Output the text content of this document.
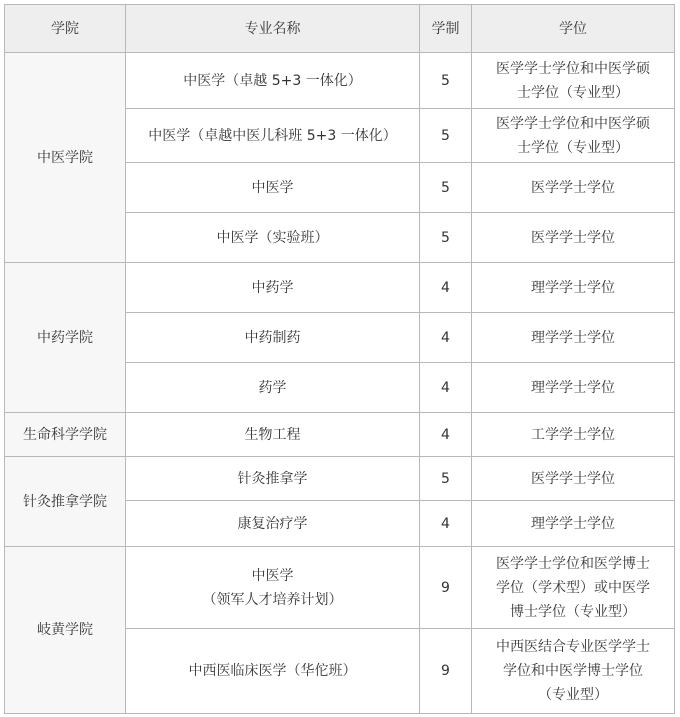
学院	专业名称	学制	学位
中医学院	中医学（卓越 5+3 一体化）	5	医学学士学位和中医学硕
士学位（专业型）

	中医学（卓越中医儿科班 5+3 一体化）	5	医学学士学位和中医学硕
士学位（专业型）

	中医学	5	医学学士学位

	中医学（实验班）	5	医学学士学位

中药学院	中药学	4	理学学士学位

	中药制药	4	理学学士学位

	药学	4	理学学士学位

生命科学学院	生物工程	4	工学学士学位

针灸推拿学院	针灸推拿学	5	医学学士学位

	康复治疗学	4	理学学士学位

岐黄学院	中医学
（领军人才培养计划）	9	医学学士学位和医学博士
学位（学术型）或中医学
博士学位（专业型）

	中西医临床医学（华佗班）	9	中西医结合专业医学学士
学位和中医学博士学位
（专业型）
